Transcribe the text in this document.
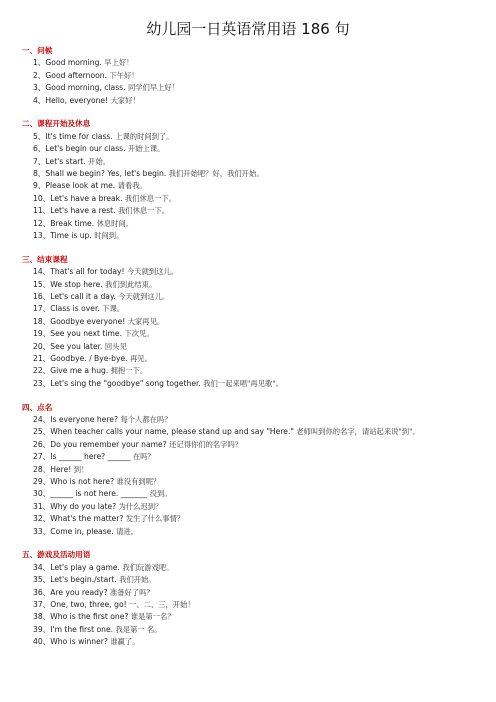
幼儿园一日英语常用语 186 句
一、问候
1、Good morning. 早上好！
2、Good afternoon. 下午好！
3、Good morning, class. 同学们早上好！
4、Hello, everyone! 大家好！
二、课程开始及休息
5、It's time for class. 上课的时间到了。
6、Let's begin our class. 开始上课。
7、Let's start. 开始。
8、Shall we begin? Yes, let's begin. 我们开始吧？好，我们开始。
9、Please look at me. 请看我。
10、Let's have a break. 我们休息一下。
11、Let's have a rest. 我们休息一下。
12、Break time. 休息时间。
13、Time is up. 时间到。
三、结束课程
14、That's all for today! 今天就到这儿。
15、We stop here. 我们到此结束。
16、Let's call it a day. 今天就到这儿。
17、Class is over. 下课。
18、Goodbye everyone! 大家再见。
19、See you next time. 下次见。
20、See you later. 回头见
21、Goodbye. / Bye-bye. 再见。
22、Give me a hug. 拥抱一下。
23、Let's sing the "goodbye" song together. 我们一起来唱"再见歌"。
四、点名
24、Is everyone here? 每个人都在吗？
25、When teacher calls your name, please stand up and say "Here." 老师叫到你的名字，请站起来说"到"。
26、Do you remember your name? 还记得你们的名字吗？
27、Is ______ here? ______ 在吗？
28、Here! 到！
29、Who is not here? 谁没有到呢？
30、______ is not here. _______ 没到。
31、Why do you late? 为什么迟到？
32、What's the matter? 发生了什么事情？
33、Come in, please. 请进。
五、游戏及活动用语
34、Let's play a game. 我们玩游戏吧。
35、Let's begin./start. 我们开始。
36、Are you ready? 准备好了吗？
37、One, two, three, go! 一、二、三，开始！
38、Who is the first one? 谁是第一名？
39、I'm the first one. 我是第一 名。
40、Who is winner? 谁赢了。
